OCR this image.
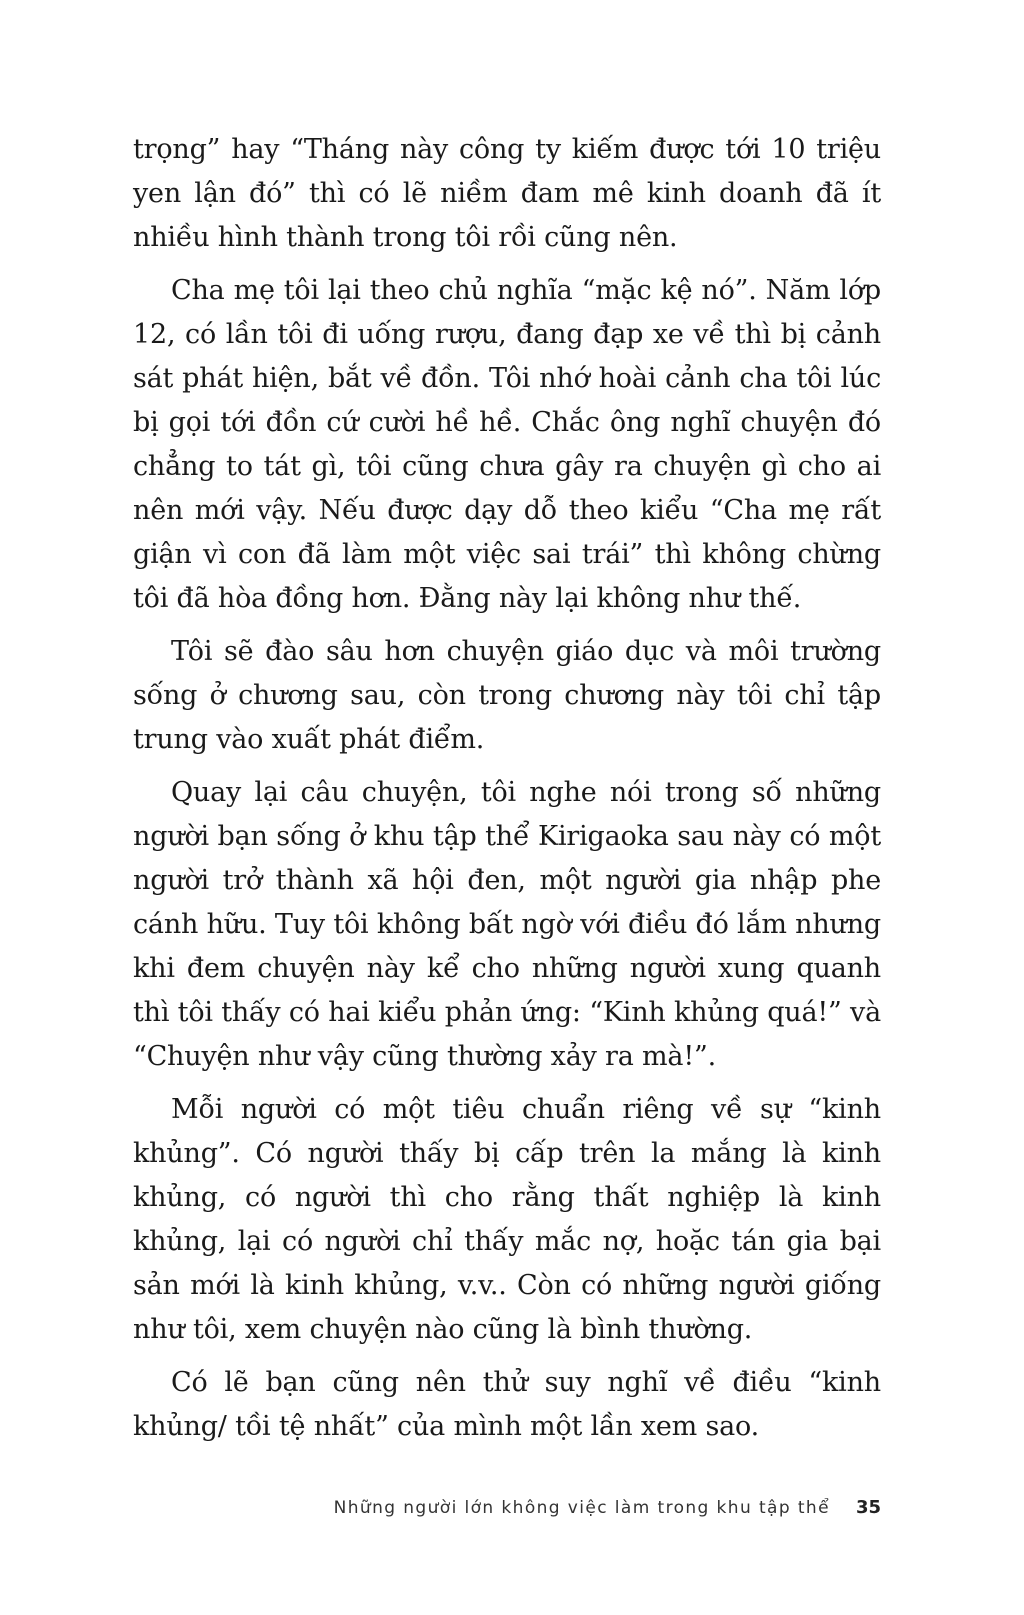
trọng” hay “Tháng này công ty kiếm được tới 10 triệu yen lận đó” thì có lẽ niềm đam mê kinh doanh đã ít nhiều hình thành trong tôi rồi cũng nên.

Cha mẹ tôi lại theo chủ nghĩa “mặc kệ nó”. Năm lớp 12, có lần tôi đi uống rượu, đang đạp xe về thì bị cảnh sát phát hiện, bắt về đồn. Tôi nhớ hoài cảnh cha tôi lúc bị gọi tới đồn cứ cười hề hề. Chắc ông nghĩ chuyện đó chẳng to tát gì, tôi cũng chưa gây ra chuyện gì cho ai nên mới vậy. Nếu được dạy dỗ theo kiểu “Cha mẹ rất giận vì con đã làm một việc sai trái” thì không chừng tôi đã hòa đồng hơn. Đằng này lại không như thế.

Tôi sẽ đào sâu hơn chuyện giáo dục và môi trường sống ở chương sau, còn trong chương này tôi chỉ tập trung vào xuất phát điểm.

Quay lại câu chuyện, tôi nghe nói trong số những người bạn sống ở khu tập thể Kirigaoka sau này có một người trở thành xã hội đen, một người gia nhập phe cánh hữu. Tuy tôi không bất ngờ với điều đó lắm nhưng khi đem chuyện này kể cho những người xung quanh thì tôi thấy có hai kiểu phản ứng: “Kinh khủng quá!” và “Chuyện như vậy cũng thường xảy ra mà!”.

Mỗi người có một tiêu chuẩn riêng về sự “kinh khủng”. Có người thấy bị cấp trên la mắng là kinh khủng, có người thì cho rằng thất nghiệp là kinh khủng, lại có người chỉ thấy mắc nợ, hoặc tán gia bại sản mới là kinh khủng, v.v.. Còn có những người giống như tôi, xem chuyện nào cũng là bình thường.

Có lẽ bạn cũng nên thử suy nghĩ về điều “kinh khủng/ tồi tệ nhất” của mình một lần xem sao.

Những người lớn không việc làm trong khu tập thể 35
